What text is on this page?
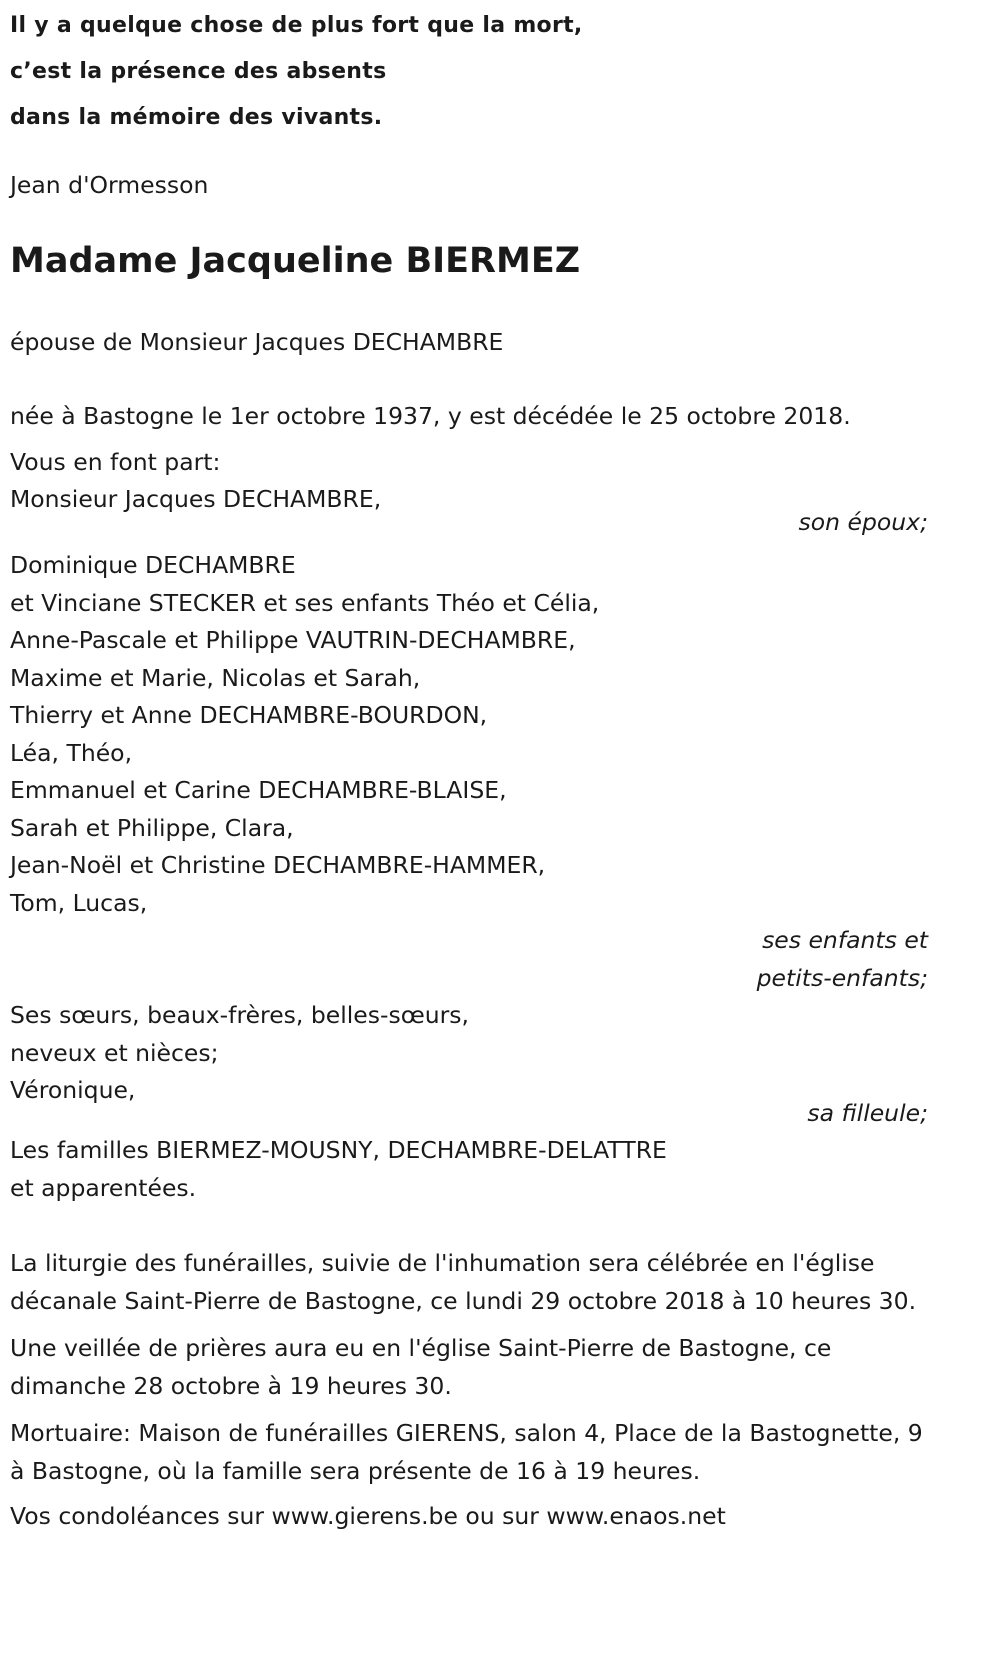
Il y a quelque chose de plus fort que la mort,
c’est la présence des absents
dans la mémoire des vivants.
Jean d'Ormesson
Madame Jacqueline BIERMEZ
épouse de Monsieur Jacques DECHAMBRE
née à Bastogne le 1er octobre 1937, y est décédée le 25 octobre 2018.
Vous en font part:
Monsieur Jacques DECHAMBRE,
son époux;
Dominique DECHAMBRE
et Vinciane STECKER et ses enfants Théo et Célia,
Anne-Pascale et Philippe VAUTRIN-DECHAMBRE,
Maxime et Marie, Nicolas et Sarah,
Thierry et Anne DECHAMBRE-BOURDON,
Léa, Théo,
Emmanuel et Carine DECHAMBRE-BLAISE,
Sarah et Philippe, Clara,
Jean-Noël et Christine DECHAMBRE-HAMMER,
Tom, Lucas,
ses enfants et
petits-enfants;
Ses sœurs, beaux-frères, belles-sœurs,
neveux et nièces;
Véronique,
sa filleule;
Les familles BIERMEZ-MOUSNY, DECHAMBRE-DELATTRE
et apparentées.
La liturgie des funérailles, suivie de l'inhumation sera célébrée en l'église décanale Saint-Pierre de Bastogne, ce lundi 29 octobre 2018 à 10 heures 30.
Une veillée de prières aura eu en l'église Saint-Pierre de Bastogne, ce dimanche 28 octobre à 19 heures 30.
Mortuaire: Maison de funérailles GIERENS, salon 4, Place de la Bastognette, 9 à Bastogne, où la famille sera présente de 16 à 19 heures.
Vos condoléances sur www.gierens.be ou sur www.enaos.net
